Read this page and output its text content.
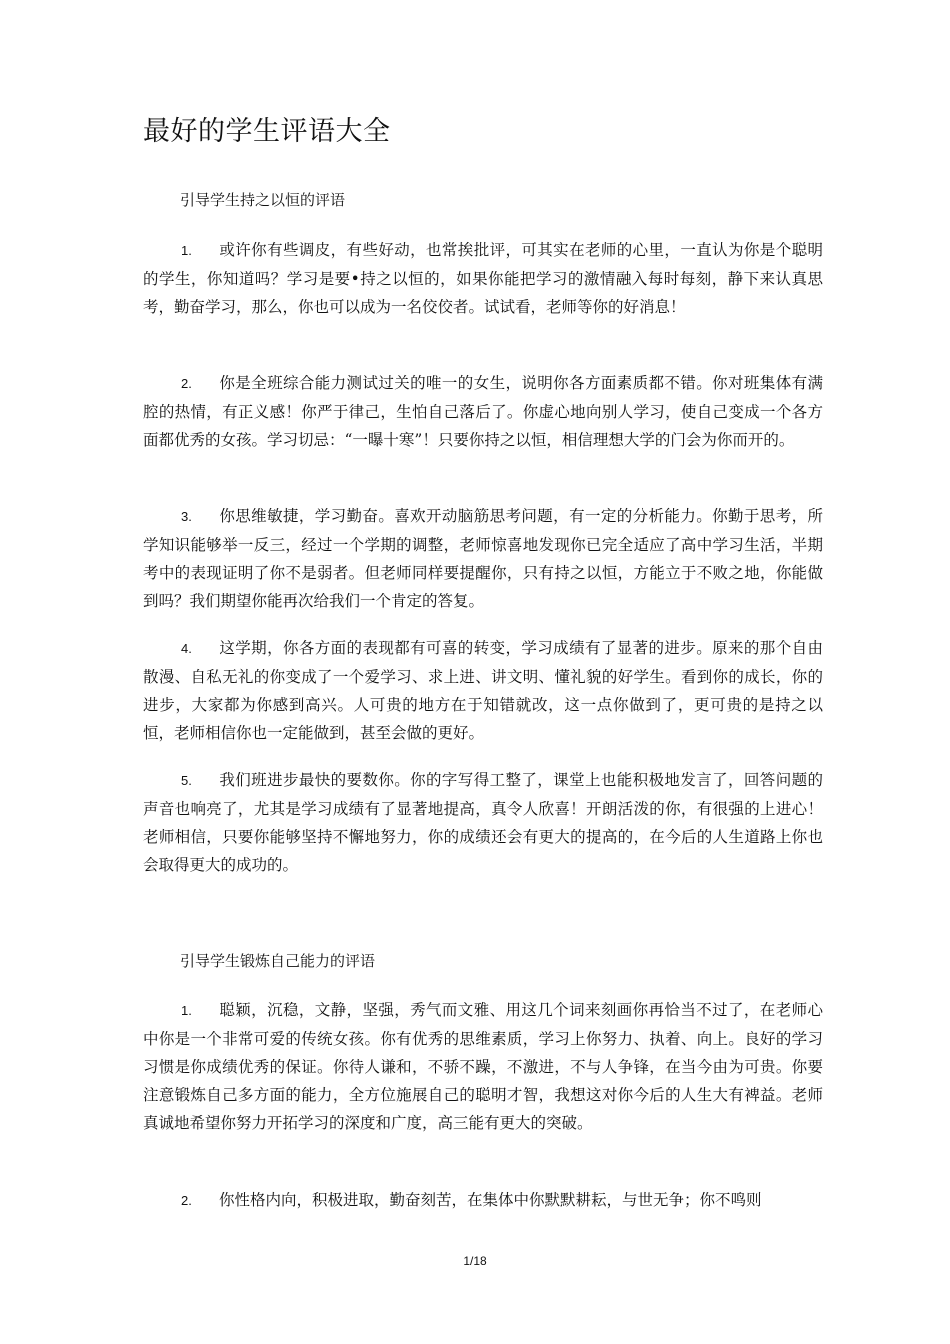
最好的学生评语大全
引导学生持之以恒的评语
1. 或许你有些调皮，有些好动，也常挨批评，可其实在老师的心里，一直认为你是个聪明的学生，你知道吗？学习是要•持之以恒的，如果你能把学习的激情融入每时每刻，静下来认真思考，勤奋学习，那么，你也可以成为一名佼佼者。试试看，老师等你的好消息！
2. 你是全班综合能力测试过关的唯一的女生，说明你各方面素质都不错。你对班集体有满腔的热情，有正义感！你严于律己，生怕自己落后了。你虚心地向别人学习，使自己变成一个各方面都优秀的女孩。学习切忌：“一曝十寒”！只要你持之以恒，相信理想大学的门会为你而开的。
3. 你思维敏捷，学习勤奋。喜欢开动脑筋思考问题，有一定的分析能力。你勤于思考，所学知识能够举一反三，经过一个学期的调整，老师惊喜地发现你已完全适应了高中学习生活，半期考中的表现证明了你不是弱者。但老师同样要提醒你，只有持之以恒，方能立于不败之地，你能做到吗？我们期望你能再次给我们一个肯定的答复。
4. 这学期，你各方面的表现都有可喜的转变，学习成绩有了显著的进步。原来的那个自由散漫、自私无礼的你变成了一个爱学习、求上进、讲文明、懂礼貌的好学生。看到你的成长，你的进步，大家都为你感到高兴。人可贵的地方在于知错就改，这一点你做到了，更可贵的是持之以恒，老师相信你也一定能做到，甚至会做的更好。
5. 我们班进步最快的要数你。你的字写得工整了，课堂上也能积极地发言了，回答问题的声音也响亮了，尤其是学习成绩有了显著地提高，真令人欣喜！开朗活泼的你，有很强的上进心！老师相信，只要你能够坚持不懈地努力，你的成绩还会有更大的提高的，在今后的人生道路上你也会取得更大的成功的。
引导学生锻炼自己能力的评语
1. 聪颖，沉稳，文静，坚强，秀气而文雅、用这几个词来刻画你再恰当不过了，在老师心中你是一个非常可爱的传统女孩。你有优秀的思维素质，学习上你努力、执着、向上。良好的学习习惯是你成绩优秀的保证。你待人谦和，不骄不躁，不激进，不与人争锋，在当今由为可贵。你要注意锻炼自己多方面的能力，全方位施展自己的聪明才智，我想这对你今后的人生大有裨益。老师真诚地希望你努力开拓学习的深度和广度，高三能有更大的突破。
2. 你性格内向，积极进取，勤奋刻苦，在集体中你默默耕耘，与世无争；你不鸣则
1/18
